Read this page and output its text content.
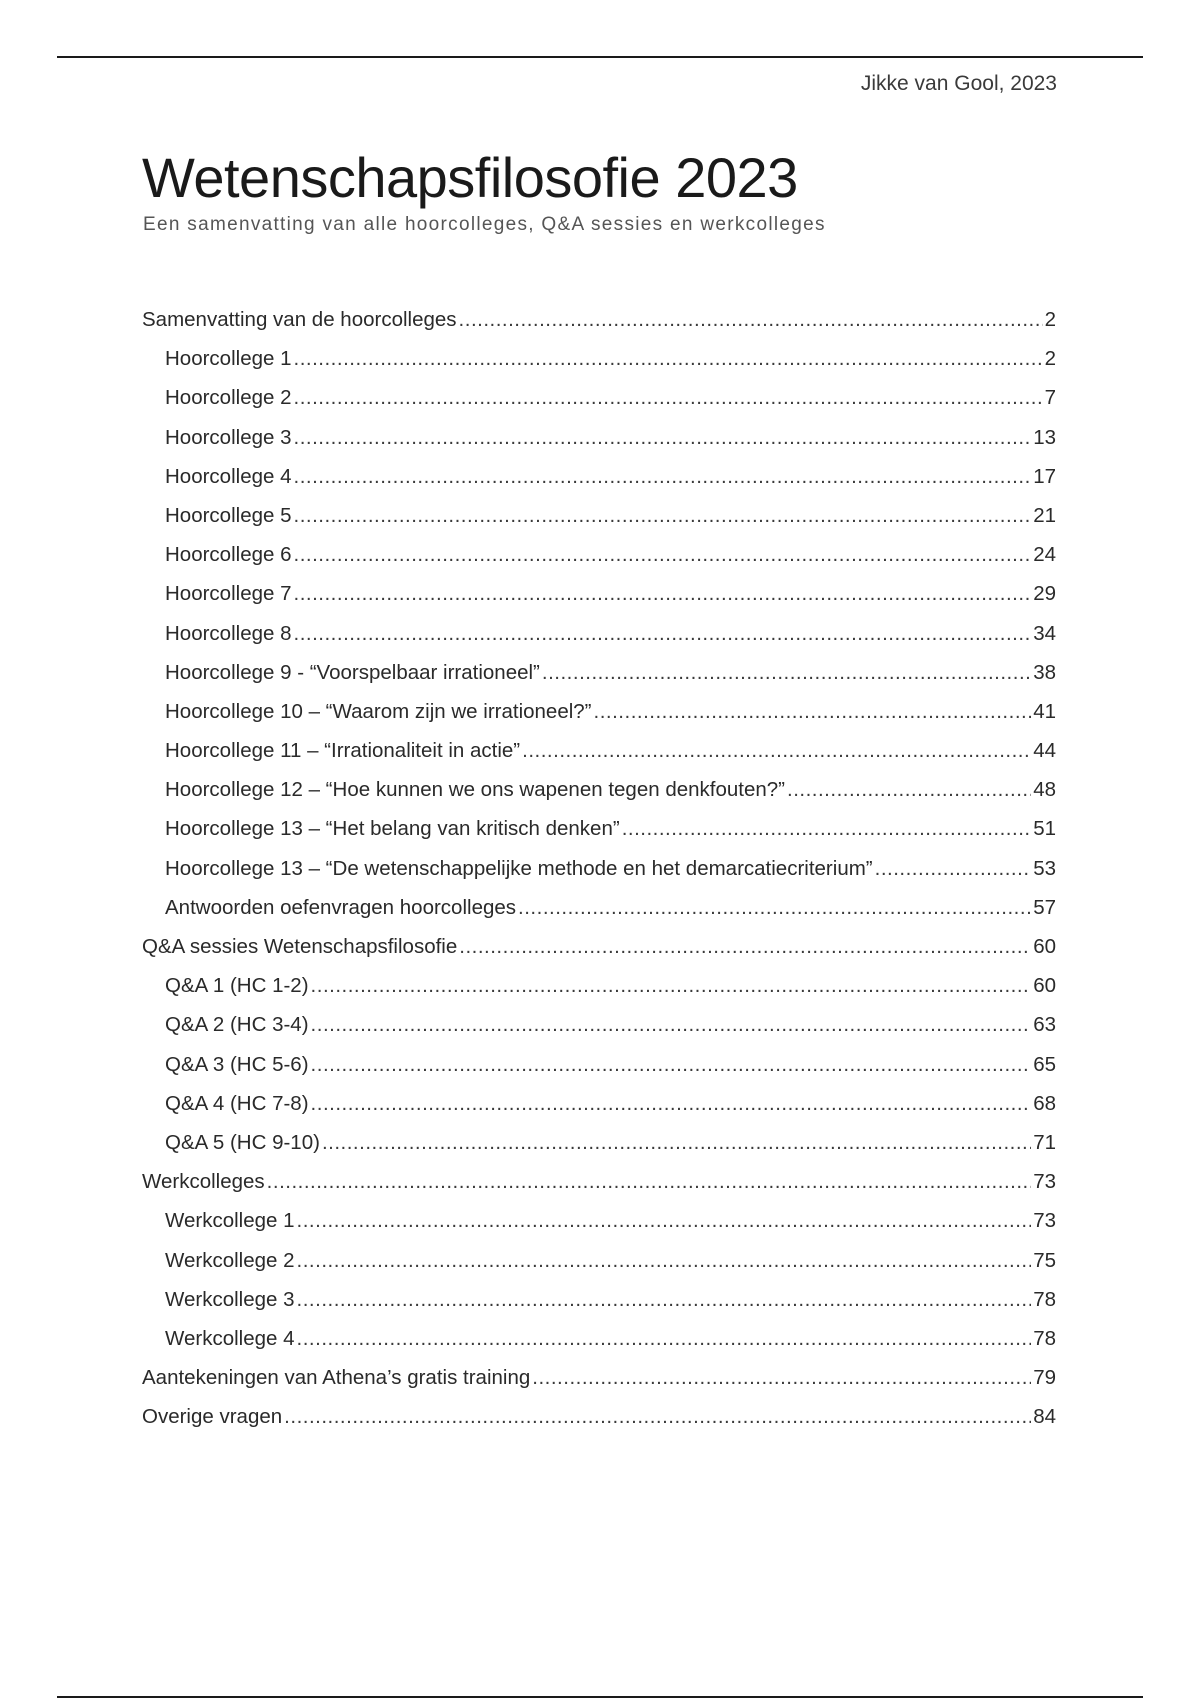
Jikke van Gool, 2023
Wetenschapsfilosofie 2023
Een samenvatting van alle hoorcolleges, Q&A sessies en werkcolleges
Samenvatting van de hoorcolleges .....	2
Hoorcollege 1 .....	2
Hoorcollege 2 .....	7
Hoorcollege 3 .....	13
Hoorcollege 4 .....	17
Hoorcollege 5 .....	21
Hoorcollege 6 .....	24
Hoorcollege 7 .....	29
Hoorcollege 8 .....	34
Hoorcollege 9 - “Voorspelbaar irrationeel” .....	38
Hoorcollege 10 – “Waarom zijn we irrationeel?” .....	41
Hoorcollege 11 – “Irrationaliteit in actie” .....	44
Hoorcollege 12 – “Hoe kunnen we ons wapenen tegen denkfouten?” .....	48
Hoorcollege 13 – “Het belang van kritisch denken” .....	51
Hoorcollege 13 – “De wetenschappelijke methode en het demarcatiecriterium” .....	53
Antwoorden oefenvragen hoorcolleges .....	57
Q&A sessies Wetenschapsfilosofie .....	60
Q&A 1 (HC 1-2) .....	60
Q&A 2 (HC 3-4) .....	63
Q&A 3 (HC 5-6) .....	65
Q&A 4 (HC 7-8) .....	68
Q&A 5 (HC 9-10) .....	71
Werkcolleges .....	73
Werkcollege 1 .....	73
Werkcollege 2 .....	75
Werkcollege 3 .....	78
Werkcollege 4 .....	78
Aantekeningen van Athena’s gratis training .....	79
Overige vragen .....	84
